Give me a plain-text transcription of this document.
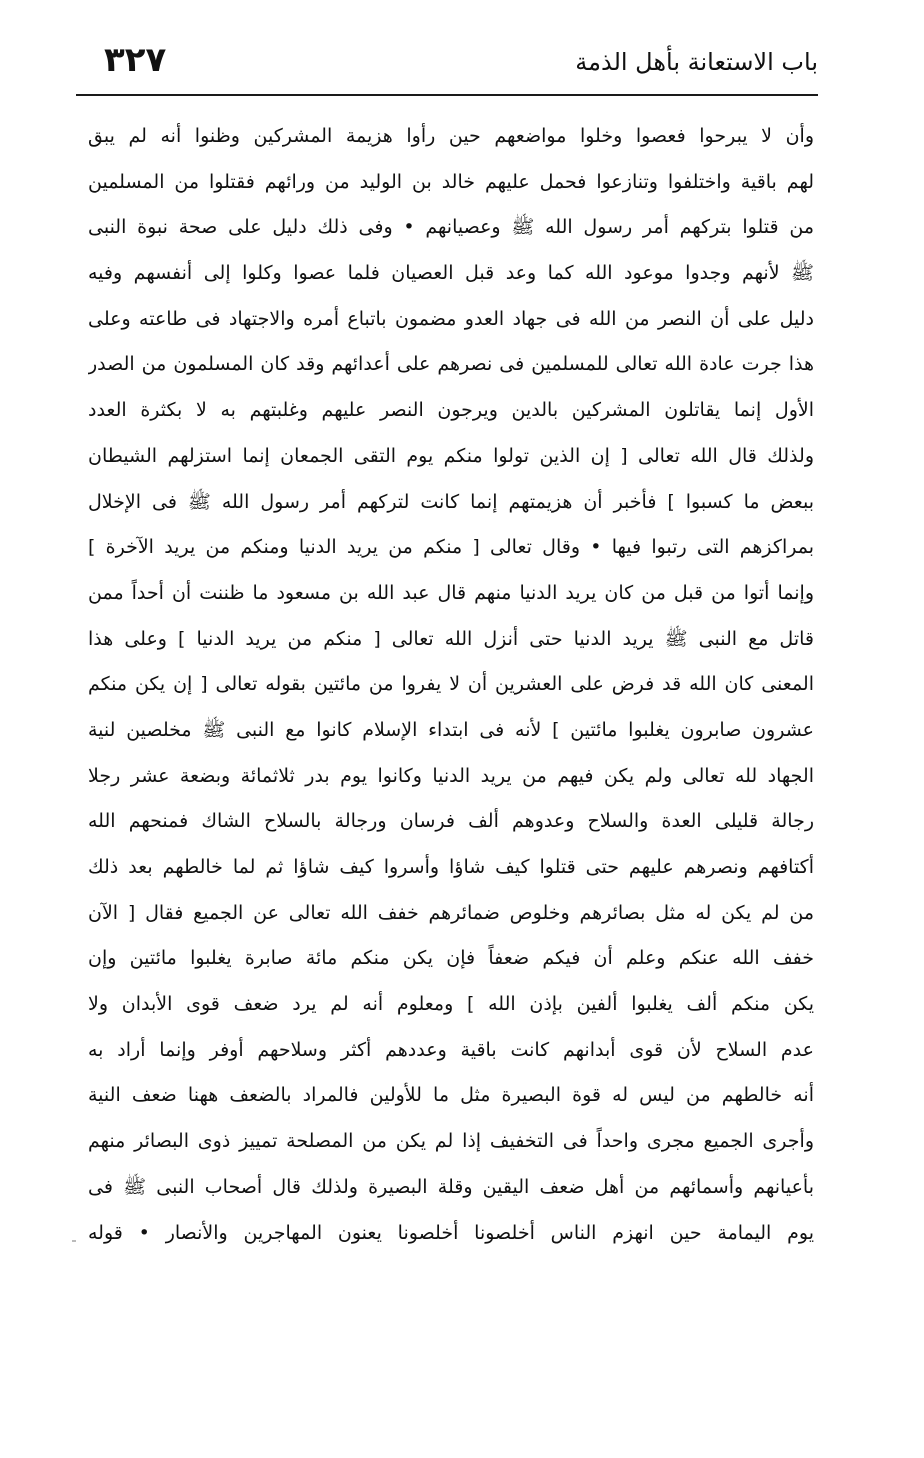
باب الاستعانة بأهل الذمة
٣٢٧
وأن لا يبرحوا فعصوا وخلوا مواضعهم حين رأوا هزيمة المشركين وظنوا أنه لم يبق
لهم باقية واختلفوا وتنازعوا فحمل عليهم خالد بن الوليد من ورائهم فقتلوا من المسلمين
من قتلوا بتركهم أمر رسول الله ﷺ وعصيانهم • وفى ذلك دليل على صحة نبوة النبى
ﷺ لأنهم وجدوا موعود الله كما وعد قبل العصيان فلما عصوا وكلوا إلى أنفسهم وفيه
دليل على أن النصر من الله فى جهاد العدو مضمون باتباع أمره والاجتهاد فى طاعته وعلى
هذا جرت عادة الله تعالى للمسلمين فى نصرهم على أعدائهم وقد كان المسلمون من الصدر
الأول إنما يقاتلون المشركين بالدين ويرجون النصر عليهم وغلبتهم به لا بكثرة العدد
ولذلك قال الله تعالى [ إن الذين تولوا منكم يوم التقى الجمعان إنما استزلهم الشيطان
ببعض ما كسبوا ] فأخبر أن هزيمتهم إنما كانت لتركهم أمر رسول الله ﷺ فى الإخلال
بمراكزهم التى رتبوا فيها • وقال تعالى [ منكم من يريد الدنيا ومنكم من يريد الآخرة ]
وإنما أتوا من قبل من كان يريد الدنيا منهم قال عبد الله بن مسعود ما ظننت أن أحداً ممن
قاتل مع النبى ﷺ يريد الدنيا حتى أنزل الله تعالى [ منكم من يريد الدنيا ] وعلى هذا
المعنى كان الله قد فرض على العشرين أن لا يفروا من مائتين بقوله تعالى [ إن يكن منكم
عشرون صابرون يغلبوا مائتين ] لأنه فى ابتداء الإسلام كانوا مع النبى ﷺ مخلصين لنية
الجهاد لله تعالى ولم يكن فيهم من يريد الدنيا وكانوا يوم بدر ثلاثمائة وبضعة عشر رجلا
رجالة قليلى العدة والسلاح وعدوهم ألف فرسان ورجالة بالسلاح الشاك فمنحهم الله
أكتافهم ونصرهم عليهم حتى قتلوا كيف شاؤا وأسروا كيف شاؤا ثم لما خالطهم بعد ذلك
من لم يكن له مثل بصائرهم وخلوص ضمائرهم خفف الله تعالى عن الجميع فقال [ الآن
خفف الله عنكم وعلم أن فيكم ضعفاً فإن يكن منكم مائة صابرة يغلبوا مائتين وإن
يكن منكم ألف يغلبوا ألفين بإذن الله ] ومعلوم أنه لم يرد ضعف قوى الأبدان ولا
عدم السلاح لأن قوى أبدانهم كانت باقية وعددهم أكثر وسلاحهم أوفر وإنما أراد به
أنه خالطهم من ليس له قوة البصيرة مثل ما للأولين فالمراد بالضعف ههنا ضعف النية
وأجرى الجميع مجرى واحداً فى التخفيف إذا لم يكن من المصلحة تمييز ذوى البصائر منهم
بأعيانهم وأسمائهم من أهل ضعف اليقين وقلة البصيرة ولذلك قال أصحاب النبى ﷺ فى
يوم اليمامة حين انهزم الناس أخلصونا أخلصونا يعنون المهاجرين والأنصار • قوله
